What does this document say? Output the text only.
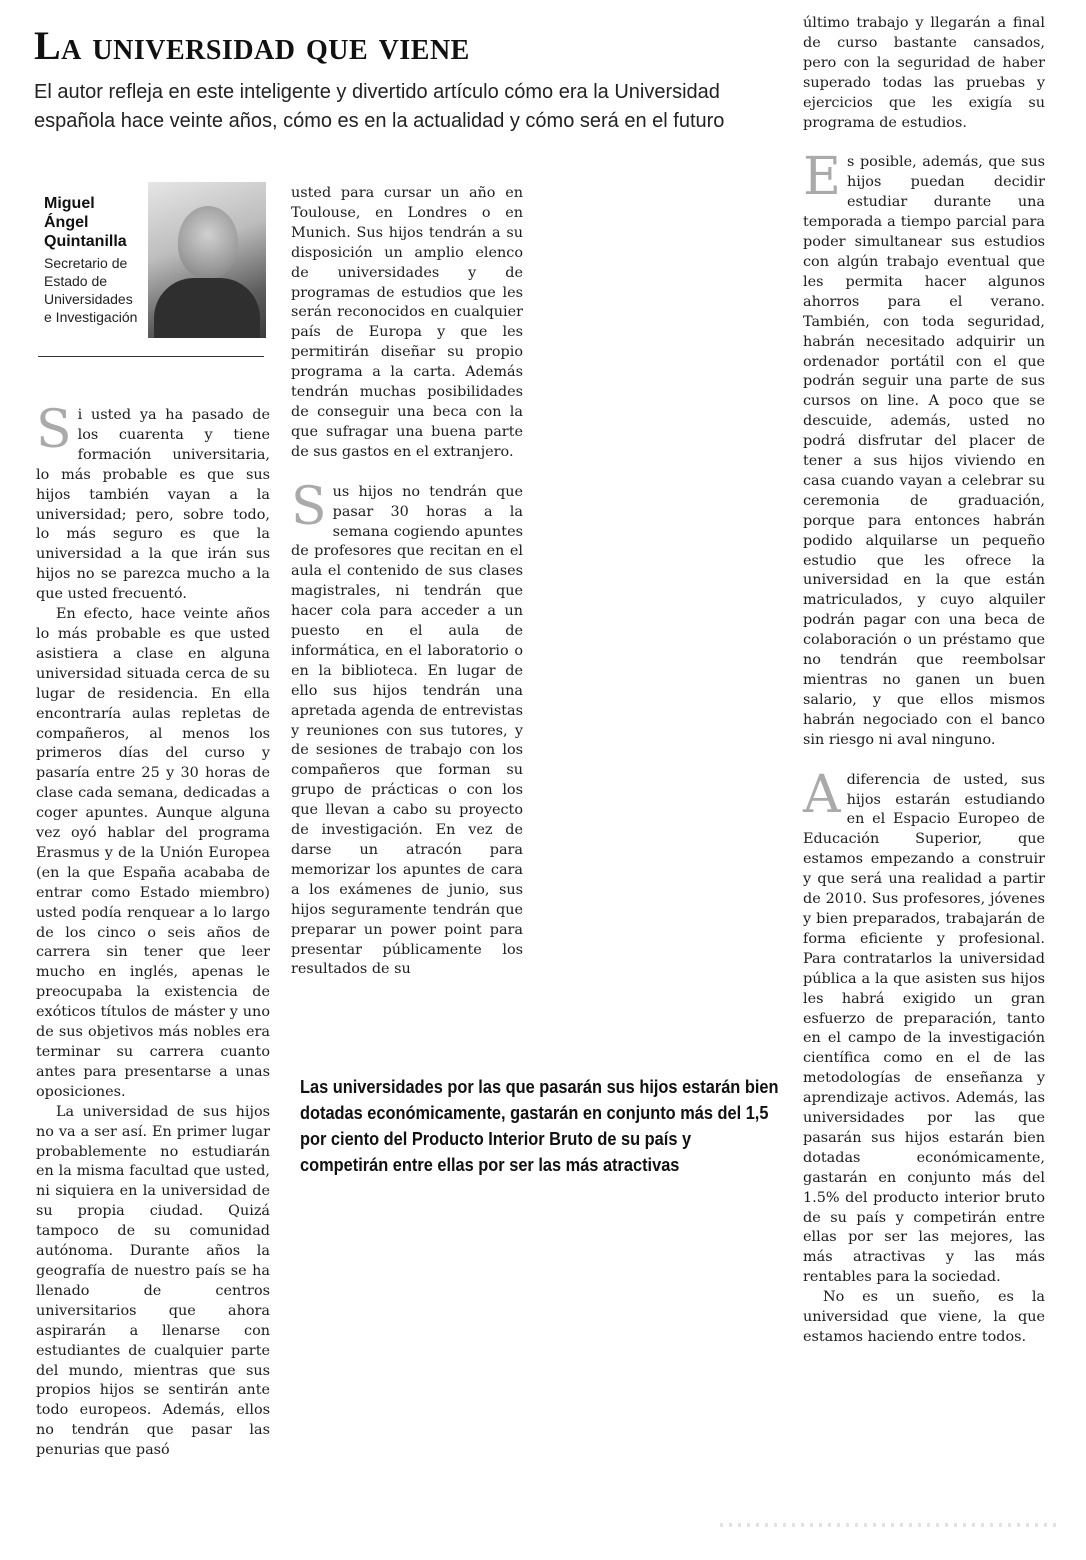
La universidad que viene

El autor refleja en este inteligente y divertido artículo cómo era la Universidad española hace veinte años, cómo es en la actualidad y cómo será en el futuro

Miguel
Ángel
Quintanilla
Secretario de
Estado de
Universidades
e Investigación

Si usted ya ha pasado de los cuarenta y tiene formación universitaria, lo más probable es que sus hijos también vayan a la universidad; pero, sobre todo, lo más seguro es que la universidad a la que irán sus hijos no se parezca mucho a la que usted frecuentó.

En efecto, hace veinte años lo más probable es que usted asistiera a clase en alguna universidad situada cerca de su lugar de residencia. En ella encontraría aulas repletas de compañeros, al menos los primeros días del curso y pasaría entre 25 y 30 horas de clase cada semana, dedicadas a coger apuntes. Aunque alguna vez oyó hablar del programa Erasmus y de la Unión Europea (en la que España acababa de entrar como Estado miembro) usted podía renquear a lo largo de los cinco o seis años de carrera sin tener que leer mucho en inglés, apenas le preocupaba la existencia de exóticos títulos de máster y uno de sus objetivos más nobles era terminar su carrera cuanto antes para presentarse a unas oposiciones.

La universidad de sus hijos no va a ser así. En primer lugar probablemente no estudiarán en la misma facultad que usted, ni siquiera en la universidad de su propia ciudad. Quizá tampoco de su comunidad autónoma. Durante años la geografía de nuestro país se ha llenado de centros universitarios que ahora aspirarán a llenarse con estudiantes de cualquier parte del mundo, mientras que sus propios hijos se sentirán ante todo europeos. Además, ellos no tendrán que pasar las penurias que pasó

usted para cursar un año en Toulouse, en Londres o en Munich. Sus hijos tendrán a su disposición un amplio elenco de universidades y de programas de estudios que les serán reconocidos en cualquier país de Europa y que les permitirán diseñar su propio programa a la carta. Además tendrán muchas posibilidades de conseguir una beca con la que sufragar una buena parte de sus gastos en el extranjero.

Sus hijos no tendrán que pasar 30 horas a la semana cogiendo apuntes de profesores que recitan en el aula el contenido de sus clases magistrales, ni tendrán que hacer cola para acceder a un puesto en el aula de informática, en el laboratorio o en la biblioteca. En lugar de ello sus hijos tendrán una apretada agenda de entrevistas y reuniones con sus tutores, y de sesiones de trabajo con los compañeros que forman su grupo de prácticas o con los que llevan a cabo su proyecto de investigación. En vez de darse un atracón para memorizar los apuntes de cara a los exámenes de junio, sus hijos seguramente tendrán que preparar un power point para presentar públicamente los resultados de su

Las universidades por las que pasarán sus hijos estarán bien dotadas económicamente, gastarán en conjunto más del 1,5 por ciento del Producto Interior Bruto de su país y competirán entre ellas por ser las más atractivas

último trabajo y llegarán a final de curso bastante cansados, pero con la seguridad de haber superado todas las pruebas y ejercicios que les exigía su programa de estudios.

Es posible, además, que sus hijos puedan decidir estudiar durante una temporada a tiempo parcial para poder simultanear sus estudios con algún trabajo eventual que les permita hacer algunos ahorros para el verano. También, con toda seguridad, habrán necesitado adquirir un ordenador portátil con el que podrán seguir una parte de sus cursos on line. A poco que se descuide, además, usted no podrá disfrutar del placer de tener a sus hijos viviendo en casa cuando vayan a celebrar su ceremonia de graduación, porque para entonces habrán podido alquilarse un pequeño estudio que les ofrece la universidad en la que están matriculados, y cuyo alquiler podrán pagar con una beca de colaboración o un préstamo que no tendrán que reembolsar mientras no ganen un buen salario, y que ellos mismos habrán negociado con el banco sin riesgo ni aval ninguno.

Adiferencia de usted, sus hijos estarán estudiando en el Espacio Europeo de Educación Superior, que estamos empezando a construir y que será una realidad a partir de 2010. Sus profesores, jóvenes y bien preparados, trabajarán de forma eficiente y profesional. Para contratarlos la universidad pública a la que asisten sus hijos les habrá exigido un gran esfuerzo de preparación, tanto en el campo de la investigación científica como en el de las metodologías de enseñanza y aprendizaje activos. Además, las universidades por las que pasarán sus hijos estarán bien dotadas económicamente, gastarán en conjunto más del 1.5% del producto interior bruto de su país y competirán entre ellas por ser las mejores, las más atractivas y las más rentables para la sociedad.

No es un sueño, es la universidad que viene, la que estamos haciendo entre todos.
